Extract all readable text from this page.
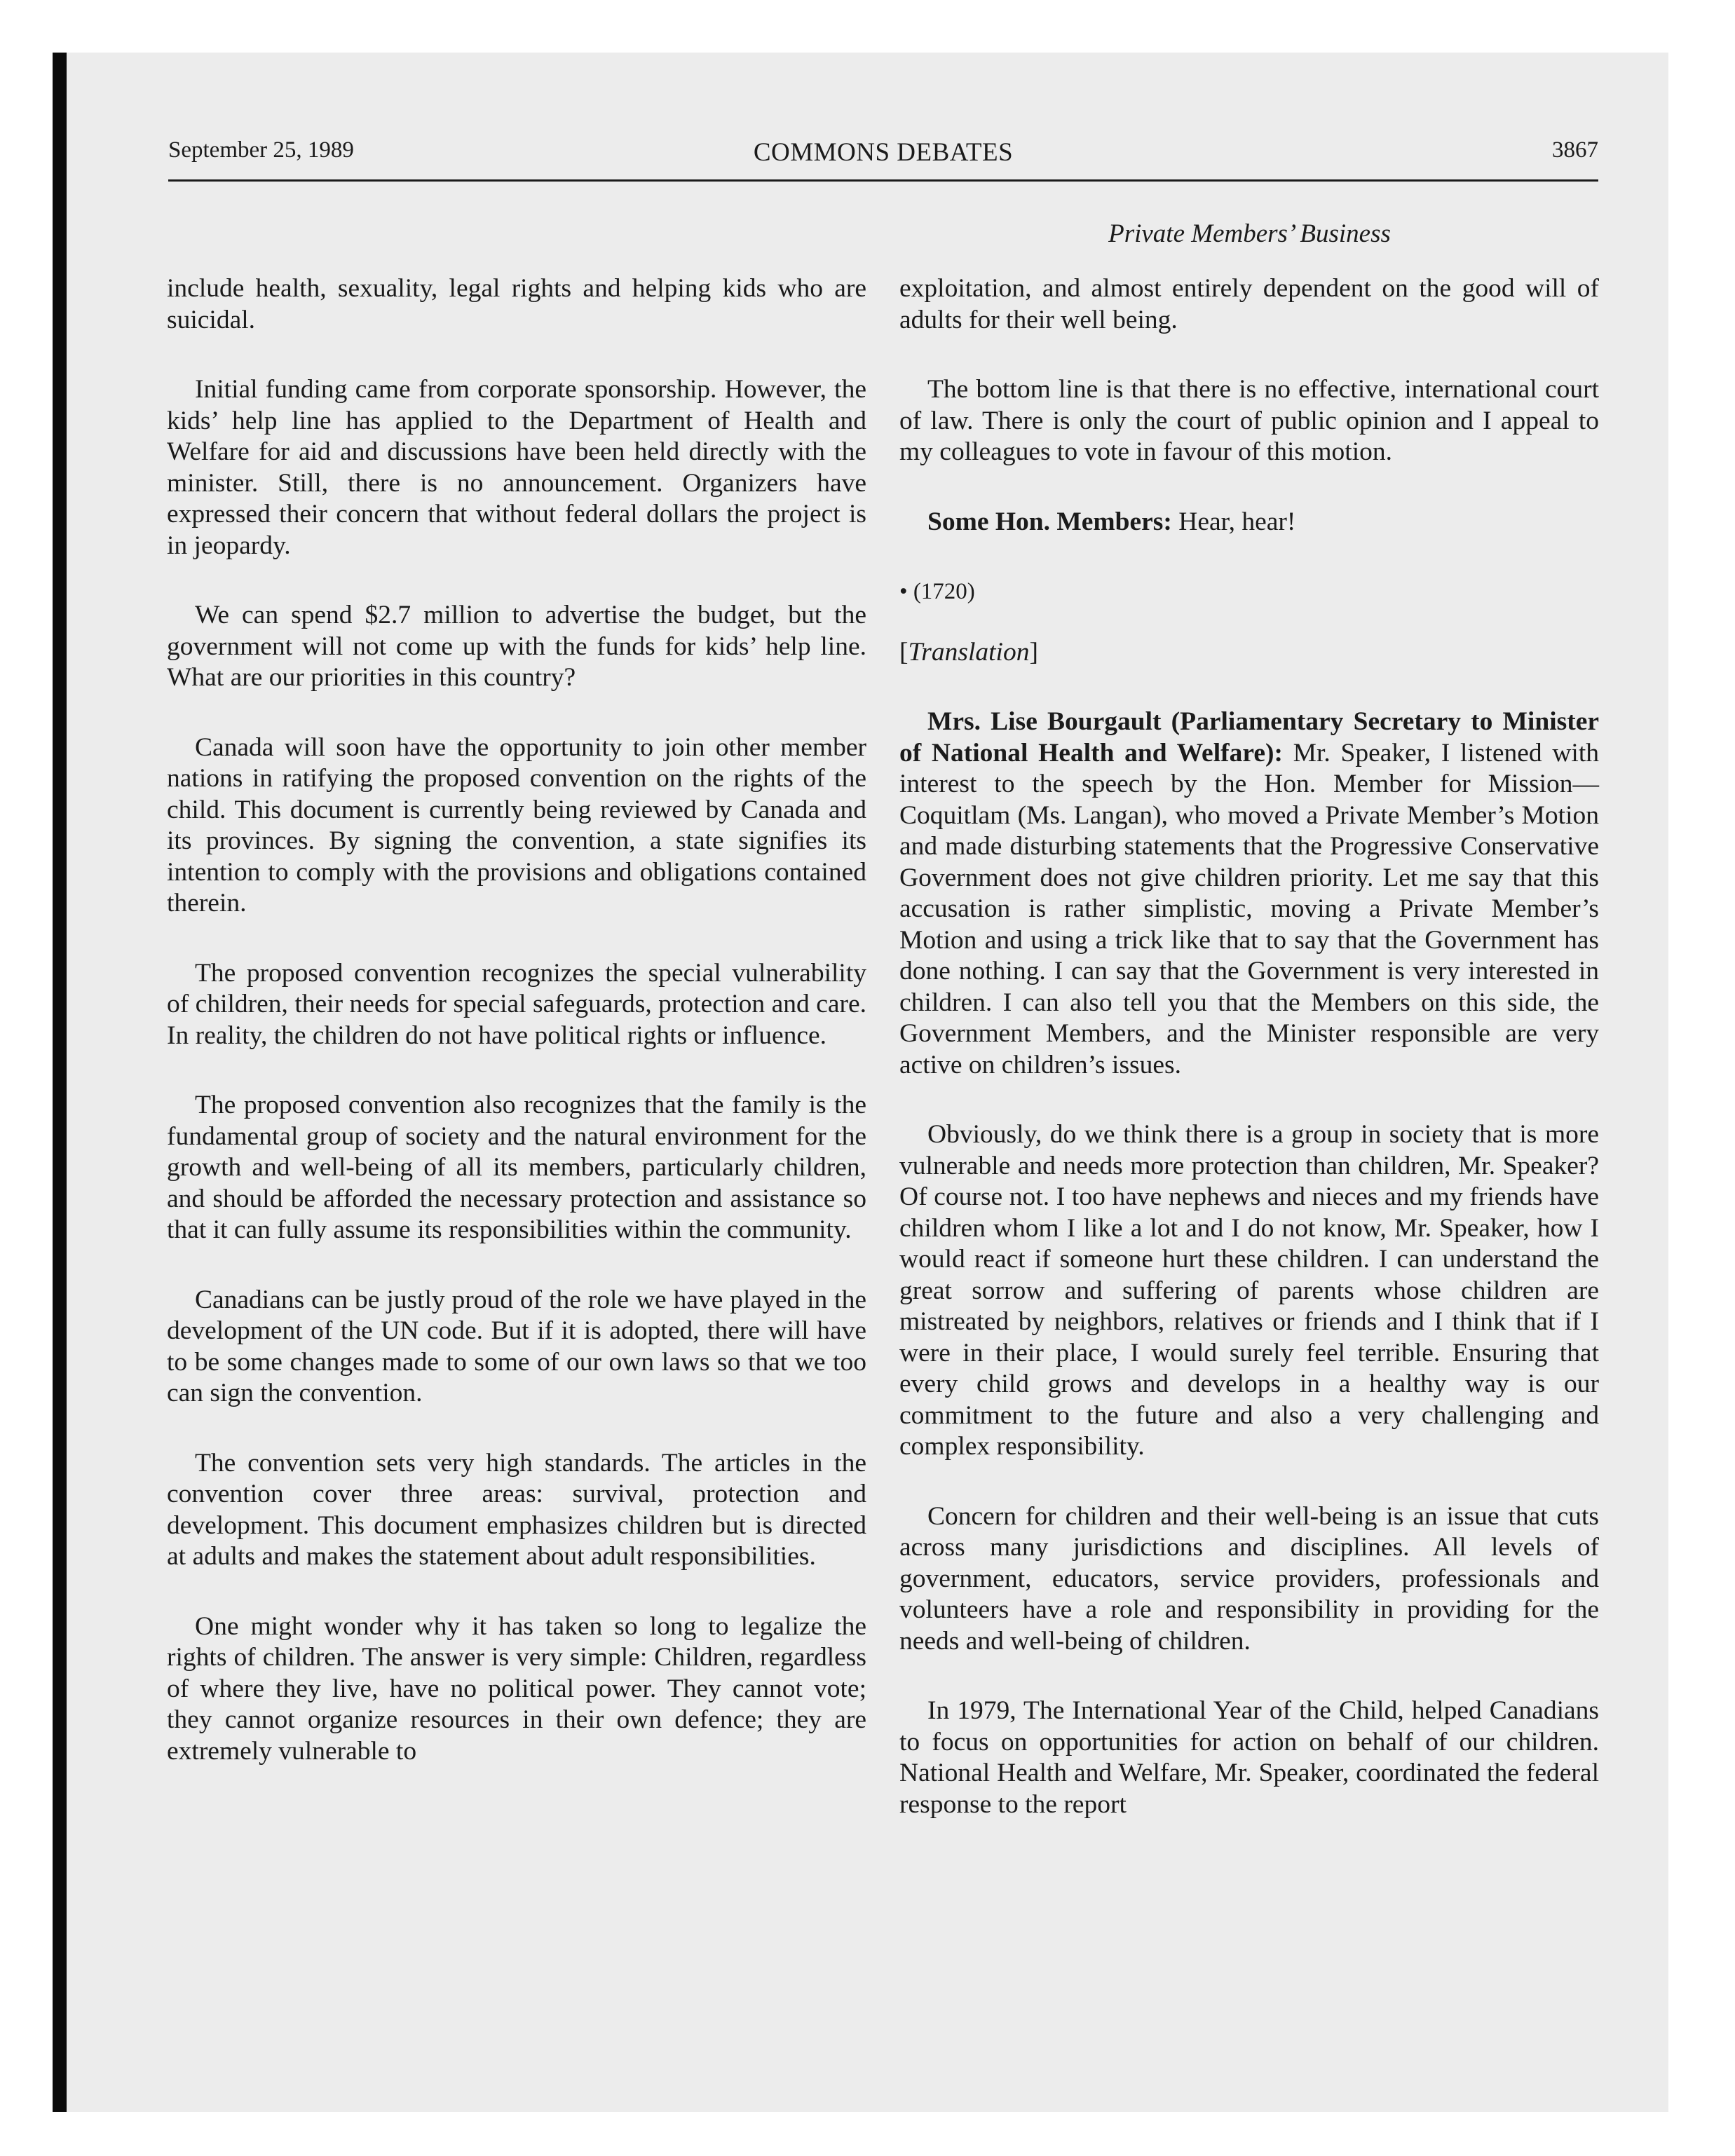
September 25, 1989	COMMONS DEBATES	3867
Private Members’ Business

include health, sexuality, legal rights and helping kids who are suicidal.

Initial funding came from corporate sponsorship. However, the kids’ help line has applied to the Department of Health and Welfare for aid and discussions have been held directly with the minister. Still, there is no announcement. Organizers have expressed their concern that without federal dollars the project is in jeopardy.

We can spend $2.7 million to advertise the budget, but the government will not come up with the funds for kids’ help line. What are our priorities in this country?

Canada will soon have the opportunity to join other member nations in ratifying the proposed convention on the rights of the child. This document is currently being reviewed by Canada and its provinces. By signing the convention, a state signifies its intention to comply with the provisions and obligations contained therein.

The proposed convention recognizes the special vulnerability of children, their needs for special safeguards, protection and care. In reality, the children do not have political rights or influence.

The proposed convention also recognizes that the family is the fundamental group of society and the natural environment for the growth and well-being of all its members, particularly children, and should be afforded the necessary protection and assistance so that it can fully assume its responsibilities within the community.

Canadians can be justly proud of the role we have played in the development of the UN code. But if it is adopted, there will have to be some changes made to some of our own laws so that we too can sign the convention.

The convention sets very high standards. The articles in the convention cover three areas: survival, protection and development. This document emphasizes children but is directed at adults and makes the statement about adult responsibilities.

One might wonder why it has taken so long to legalize the rights of children. The answer is very simple: Children, regardless of where they live, have no political power. They cannot vote; they cannot organize resources in their own defence; they are extremely vulnerable to

exploitation, and almost entirely dependent on the good will of adults for their well being.

The bottom line is that there is no effective, international court of law. There is only the court of public opinion and I appeal to my colleagues to vote in favour of this motion.

Some Hon. Members: Hear, hear!

• (1720)

[Translation]

Mrs. Lise Bourgault (Parliamentary Secretary to Minister of National Health and Welfare): Mr. Speaker, I listened with interest to the speech by the Hon. Member for Mission—Coquitlam (Ms. Langan), who moved a Private Member’s Motion and made disturbing statements that the Progressive Conservative Government does not give children priority. Let me say that this accusation is rather simplistic, moving a Private Member’s Motion and using a trick like that to say that the Government has done nothing. I can say that the Government is very interested in children. I can also tell you that the Members on this side, the Government Members, and the Minister responsible are very active on children’s issues.

Obviously, do we think there is a group in society that is more vulnerable and needs more protection than children, Mr. Speaker? Of course not. I too have nephews and nieces and my friends have children whom I like a lot and I do not know, Mr. Speaker, how I would react if someone hurt these children. I can understand the great sorrow and suffering of parents whose children are mistreated by neighbors, relatives or friends and I think that if I were in their place, I would surely feel terrible. Ensuring that every child grows and develops in a healthy way is our commitment to the future and also a very challenging and complex responsibility.

Concern for children and their well-being is an issue that cuts across many jurisdictions and disciplines. All levels of government, educators, service providers, professionals and volunteers have a role and responsibility in providing for the needs and well-being of children.

In 1979, The International Year of the Child, helped Canadians to focus on opportunities for action on behalf of our children. National Health and Welfare, Mr. Speaker, coordinated the federal response to the report
